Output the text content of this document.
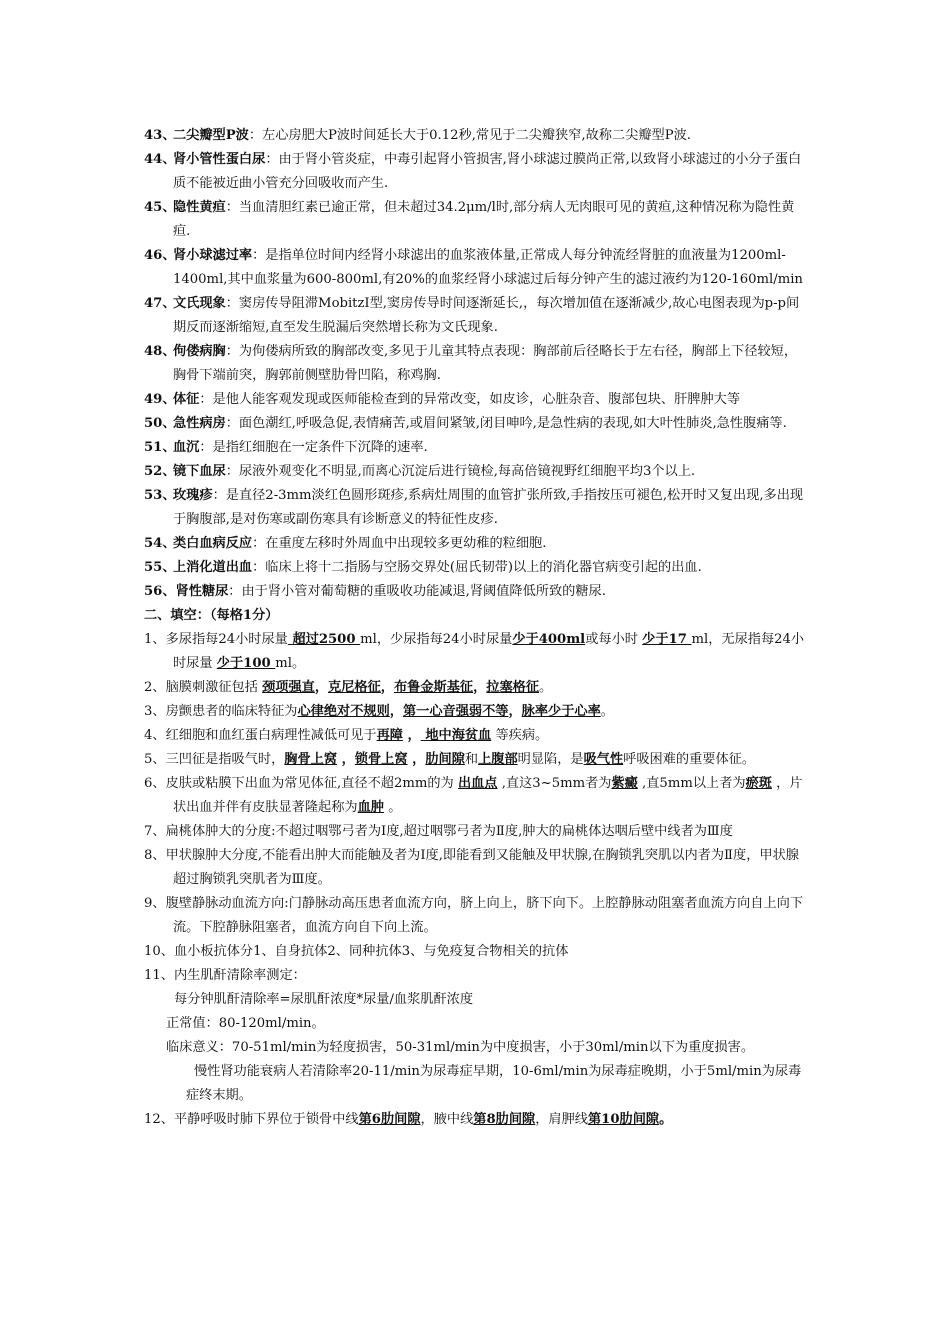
43、
二尖瓣型P波：左心房肥大P波时间延长大于0.12秒,常见于二尖瓣狭窄,故称二尖瓣型P波.

44、
肾小管性蛋白尿：由于肾小管炎症，中毒引起肾小管损害,肾小球滤过膜尚正常,以致肾小球滤过的小分子蛋白质不能被近曲小管充分回吸收而产生.

45、
隐性黄疸：当血清胆红素已逾正常，但未超过34.2μm/l时,部分病人无肉眼可见的黄疸,这种情况称为隐性黄疸.

46、
肾小球滤过率：是指单位时间内经肾小球滤出的血浆液体量,正常成人每分钟流经肾脏的血液量为1200ml-1400ml,其中血浆量为600-800ml,有20%的血浆经肾小球滤过后每分钟产生的滤过液约为120-160ml/min

47、
文氏现象：窦房传导阻滞MobitzⅠ型,窦房传导时间逐渐延长,，每次增加值在逐渐减少,故心电图表现为p-p间期反而逐渐缩短,直至发生脱漏后突然增长称为文氏现象.

48、
佝偻病胸：为佝偻病所致的胸部改变,多见于儿童其特点表现：胸部前后径略长于左右径，胸部上下径较短，胸骨下端前突，胸郭前侧壁肋骨凹陷，称鸡胸.

49、
体征：是他人能客观发现或医师能检查到的异常改变，如皮诊，心脏杂音、腹部包块、肝脾肿大等

50、
急性病房：面色潮红,呼吸急促,表情痛苦,或眉间紧皱,闭目呻吟,是急性病的表现,如大叶性肺炎,急性腹痛等.

51、
血沉：是指红细胞在一定条件下沉降的速率.

52、
镜下血尿：尿液外观变化不明显,而离心沉淀后进行镜检,每高倍镜视野红细胞平均3个以上.

53、
玫瑰疹：是直径2-3mm淡红色圆形斑疹,系病灶周围的血管扩张所致,手指按压可褪色,松开时又复出现,多出现于胸腹部,是对伤寒或副伤寒具有诊断意义的特征性皮疹.

54、
类白血病反应：在重度左移时外周血中出现较多更幼稚的粒细胞.

55、
上消化道出血：临床上将十二指肠与空肠交界处(屈氏韧带)以上的消化器官病变引起的出血.

56、肾性糖尿：由于肾小管对葡萄糖的重吸收功能减退,肾阈值降低所致的糖尿.

二、填空：（每格1分）

1、多尿指每24小时尿量 超过2500 ml，少尿指每24小时尿量少于400ml或每小时 少于17 ml，无尿指每24小时尿量 少于100 ml。

2、脑膜刺激征包括 颈项强直，克尼格征，布鲁金斯基征，拉塞格征。

3、房颤患者的临床特征为心律绝对不规则，第一心音强弱不等，脉率少于心率。

4、红细胞和血红蛋白病理性减低可见于再障 ， 地中海贫血 等疾病。

5、三凹征是指吸气时，胸骨上窝 ，锁骨上窝 ，肋间隙和上腹部明显陷，是吸气性呼吸困难的重要体征。

6、皮肤或粘膜下出血为常见体征,直径不超2mm的为 出血点 ,直这3~5mm者为紫癜 ,直5mm以上者为瘀斑 ，片状出血并伴有皮肤显著隆起称为血肿 。

7、扁桃体肿大的分度:不超过咽鄂弓者为Ⅰ度,超过咽鄂弓者为Ⅱ度,肿大的扁桃体达咽后壁中线者为Ⅲ度

8、甲状腺肿大分度,不能看出肿大而能触及者为Ⅰ度,即能看到又能触及甲状腺,在胸锁乳突肌以内者为Ⅱ度，甲状腺超过胸锁乳突肌者为Ⅲ度。

9、腹壁静脉动血流方向:门静脉动高压患者血流方向，脐上向上，脐下向下。上腔静脉动阻塞者血流方向自上向下流。下腔静脉阻塞者，血流方向自下向上流。

10、血小板抗体分1、自身抗体2、同种抗体3、与免疫复合物相关的抗体

11、内生肌酐清除率测定：

每分钟肌酐清除率=尿肌酐浓度*尿量/血浆肌酐浓度

正常值：80-120ml/min。

临床意义：70-51ml/min为轻度损害，50-31ml/min为中度损害，小于30ml/min以下为重度损害。

慢性肾功能衰病人若清除率20-11/min为尿毒症早期，10-6ml/min为尿毒症晚期，小于5ml/min为尿毒症终末期。

12、平静呼吸时肺下界位于锁骨中线第6肋间隙，腋中线第8肋间隙，肩胛线第10肋间隙。
